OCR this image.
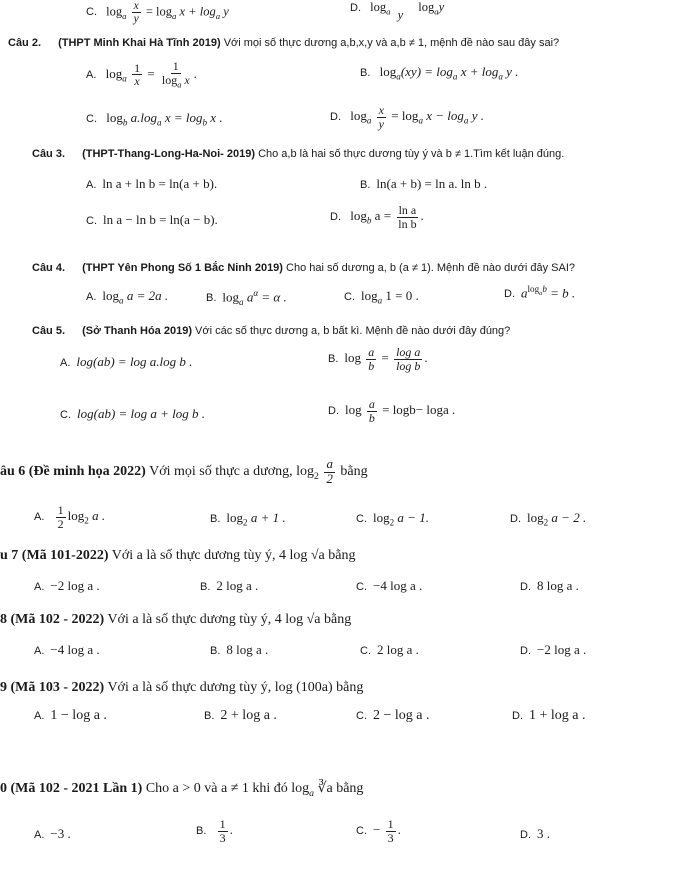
C. $\log_a \frac{x}{y} = \log_a x + \log_a y$	D. $\log_a y$ $\log_ay$
Câu 2. (THPT Minh Khai Hà Tĩnh 2019) Với mọi số thực dương a,b,x,y và a,b ≠ 1, mệnh đề nào sau đây sai?
A. $\log_a \frac{1}{x} = \frac{1}{\log_a x}$ .	B. $\log_a(xy) = \log_a x + \log_a y$ .
C. $\log_b a.\log_a$ $x = \log_b x$ .	D. $\log_a \frac{x}{y} = \log_a x - \log_a y$ .
Câu 3. (THPT-Thang-Long-Ha-Noi- 2019) Cho a,b là hai số thực dương tùy ý và b ≠ 1.Tìm kết luận đúng.
A. ln a + ln b = ln(a + b).	B. ln(a + b) = ln a. ln b .
C. ln a − ln b = ln(a − b).	D. $\log_b a = \frac{\text{ln a}}{\text{ln b}}$ .
Câu 4. (THPT Yên Phong Số 1 Bắc Ninh 2019) Cho hai số dương a, b (a ≠ 1). Mệnh đề nào dưới đây SAI?
A. $\log_a a = 2a$ .	B. $\log_a a^\alpha = \alpha$ .	C. $\log_a 1 = 0$ .	D. $a^{log_ab} = b$ .
Câu 5. (Sở Thanh Hóa 2019) Với các số thực dương a, b bất kì. Mệnh đề nào dưới đây đúng?
A. log(ab) = log a.log b .	B. $\log \frac{a}{b} = \frac{\text{log a}}{\text{log b}}$ .
C. log(ab) = log a + log b .	D. $\log \frac{a}{b} = \log b- \log a$ .
âu 6 (Đề minh họa 2022) Với mọi số thực a dương, $\log_2 \frac{a}{2}$ bằng
A. $\frac{1}{2} \log_2 a$ .	B. $\log_2 a + 1$ .	C. $\log_2 a - 1$.	D. $\log_2 a - 2$ .
u 7 (Mã 101-2022) Với a là số thực dương tùy ý, 4 log √a bằng
A. −2 log a .	B. 2 log a .	C. −4 log a .	D. 8 log a .
8 (Mã 102 - 2022) Với a là số thực dương tùy ý, 4 log √a bằng
A. −4 log a .	B. 8 log a .	C. 2 log a .	D. −2 log a .
9 (Mã 103 - 2022) Với a là số thực dương tùy ý, log (100a) bằng
A. 1 − log a .	B. 2 + log a .	C. 2 − log a .	D. 1 + log a .
0 (Mã 102 - 2021 Lần 1) Cho a > 0 và a ≠ 1 khi đó $\log_a$ ∛a bằng
A. −3 .	B. $\frac{1}{3}$ .	C. − $\frac{1}{3}$ .	D. 3 .
